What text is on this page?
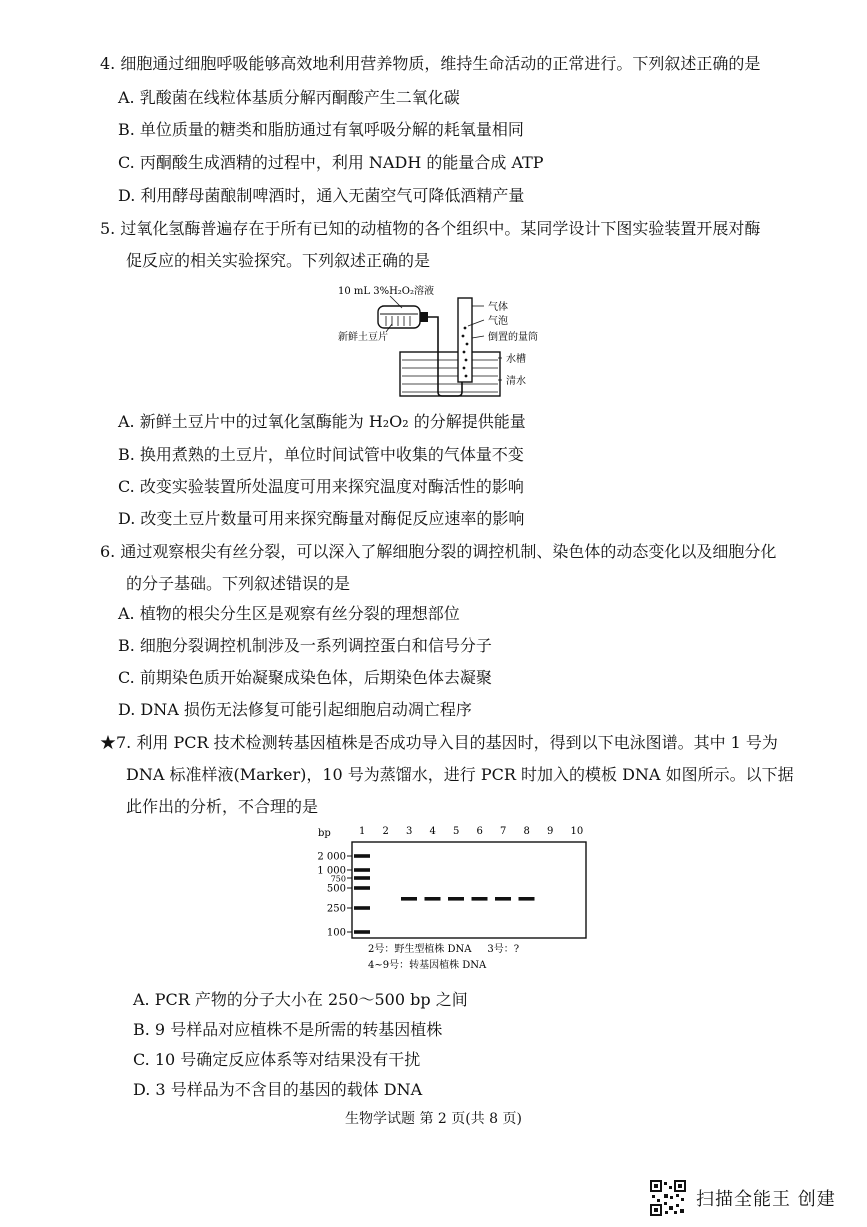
4. 细胞通过细胞呼吸能够高效地利用营养物质，维持生命活动的正常进行。下列叙述正确的是
A. 乳酸菌在线粒体基质分解丙酮酸产生二氧化碳
B. 单位质量的糖类和脂肪通过有氧呼吸分解的耗氧量相同
C. 丙酮酸生成酒精的过程中，利用 NADH 的能量合成 ATP
D. 利用酵母菌酿制啤酒时，通入无菌空气可降低酒精产量
5. 过氧化氢酶普遍存在于所有已知的动植物的各个组织中。某同学设计下图实验装置开展对酶
促反应的相关实验探究。下列叙述正确的是
10 mL 3%H₂O₂溶液
新鲜土豆片
气体
气泡
倒置的量筒
水槽
清水
A. 新鲜土豆片中的过氧化氢酶能为 H₂O₂ 的分解提供能量
B. 换用煮熟的土豆片，单位时间试管中收集的气体量不变
C. 改变实验装置所处温度可用来探究温度对酶活性的影响
D. 改变土豆片数量可用来探究酶量对酶促反应速率的影响
6. 通过观察根尖有丝分裂，可以深入了解细胞分裂的调控机制、染色体的动态变化以及细胞分化
的分子基础。下列叙述错误的是
A. 植物的根尖分生区是观察有丝分裂的理想部位
B. 细胞分裂调控机制涉及一系列调控蛋白和信号分子
C. 前期染色质开始凝聚成染色体，后期染色体去凝聚
D. DNA 损伤无法修复可能引起细胞启动凋亡程序
★7. 利用 PCR 技术检测转基因植株是否成功导入目的基因时，得到以下电泳图谱。其中 1 号为
DNA 标准样液(Marker)，10 号为蒸馏水，进行 PCR 时加入的模板 DNA 如图所示。以下据
此作出的分析，不合理的是
bp	1 2 3 4 5 6 7 8 9 10
2 000
1 000
750
500
250
100
2号：野生型植株 DNA     3号：?
4~9号：转基因植株 DNA
A. PCR 产物的分子大小在 250～500 bp 之间
B. 9 号样品对应植株不是所需的转基因植株
C. 10 号确定反应体系等对结果没有干扰
D. 3 号样品为不含目的基因的载体 DNA
生物学试题 第 2 页(共 8 页)
扫描全能王 创建
